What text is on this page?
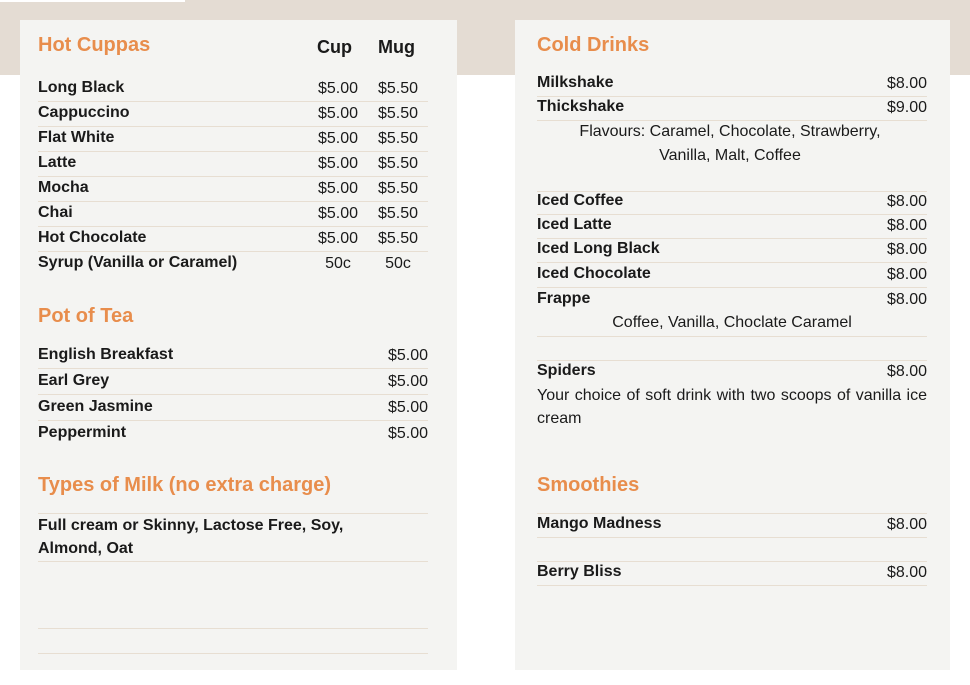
Hot Cuppas	Cup Mug
Long Black	$5.00	$5.50
Cappuccino	$5.00	$5.50
Flat White	$5.00	$5.50
Latte	$5.00	$5.50
Mocha	$5.00	$5.50
Chai	$5.00	$5.50
Hot Chocolate	$5.00	$5.50
Syrup (Vanilla or Caramel)	50c	50c
Pot of Tea
English Breakfast	$5.00
Earl Grey	$5.00
Green Jasmine	$5.00
Peppermint	$5.00
Types of Milk (no extra charge)
Full cream or Skinny, Lactose Free, Soy, Almond, Oat
Cold Drinks
Milkshake	$8.00
Thickshake	$9.00
Flavours: Caramel, Chocolate, Strawberry, Vanilla, Malt, Coffee
Iced Coffee	$8.00
Iced Latte	$8.00
Iced Long Black	$8.00
Iced Chocolate	$8.00
Frappe	$8.00
Coffee, Vanilla, Choclate Caramel
Spiders	$8.00
Your choice of soft drink with two scoops of vanilla ice cream
Smoothies
Mango Madness	$8.00
Berry Bliss	$8.00
